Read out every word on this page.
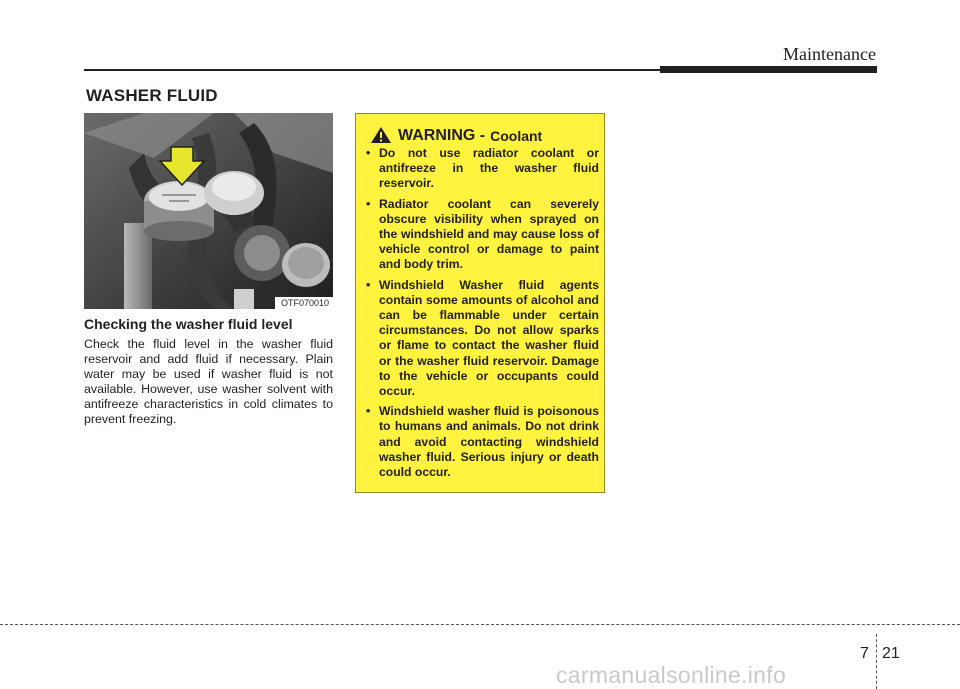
Maintenance
WASHER FLUID
OTF070010
Checking the washer fluid level
Check the fluid level in the washer fluid reservoir and add fluid if necessary. Plain water may be used if washer fluid is not available. However, use washer solvent with antifreeze characteristics in cold climates to prevent freezing.
WARNING - Coolant
• Do not use radiator coolant or antifreeze in the washer fluid reservoir.
• Radiator coolant can severely obscure visibility when sprayed on the windshield and may cause loss of vehicle control or damage to paint and body trim.
• Windshield Washer fluid agents contain some amounts of alcohol and can be flammable under certain circumstances. Do not allow sparks or flame to contact the washer fluid or the washer fluid reservoir. Damage to the vehicle or occupants could occur.
• Windshield washer fluid is poisonous to humans and animals. Do not drink and avoid contacting windshield washer fluid. Serious injury or death could occur.
7 21
carmanualsonline.info
